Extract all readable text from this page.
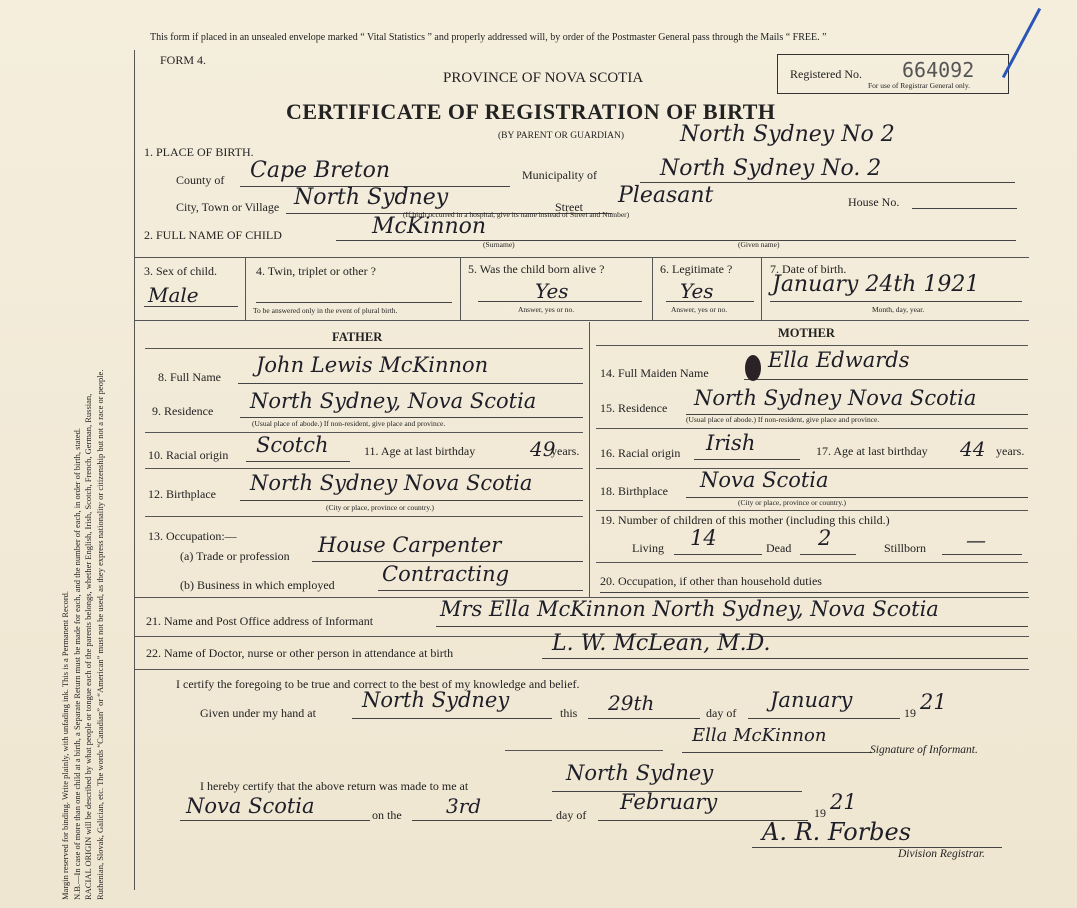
Margin reserved for binding. Write plainly, with unfading ink. This is a Permanent Record. N.B.—In case of more than one child at a birth, a Separate Return must be made for each, and the number of each, in order of birth, stated. RACIAL ORIGIN will be described by what people or tongue each of the parents belongs, whether English, Irish, Scotch, French, German, Russian, Ruthenian, Slovak, Galician, etc. The words “Canadian” or “American” must not be used, as they express nationality or citizenship but not a race or people.
This form if placed in an unsealed envelope marked “ Vital Statistics ” and properly addressed will, by order of the Postmaster General pass through the Mails “ FREE. ”
FORM 4.
PROVINCE OF NOVA SCOTIA
CERTIFICATE OF REGISTRATION OF BIRTH
(BY PARENT OR GUARDIAN)	North Sydney No 2
Registered No. 664092
For use of Registrar General only.
1. PLACE OF BIRTH.
County of Cape Breton	Municipality of	North Sydney No. 2
City, Town or Village North Sydney	Street Pleasant
(If birth occurred in a hospital, give its name instead of Street and Number)
House No.
2. FULL NAME OF CHILD	McKinnon
(Surname)	(Given name)
3. Sex of child.
Male
4. Twin, triplet or other ?
To be answered only in the event of plural birth.
5. Was the child born alive ?
Yes
Answer, yes or no.
6. Legitimate ?
Yes
Answer, yes or no.
7. Date of birth.
January 24th 1921
Month, day, year.
FATHER
8. Full Name John Lewis McKinnon
9. Residence North Sydney, Nova Scotia
(Usual place of abode.) If non-resident, give place and province.
10. Racial origin Scotch	11. Age at last birthday	49
years.
12. Birthplace North Sydney Nova Scotia
(City or place, province or country.)
13. Occupation:—
(a) Trade or profession House Carpenter
(b) Business in which employed Contracting
MOTHER
14. Full Maiden Name
Ella Edwards
15. Residence North Sydney Nova Scotia
(Usual place of abode.) If non-resident, give place and province.
16. Racial origin Irish	17. Age at last birthday 44 years.
18. Birthplace Nova Scotia
(City or place, province or country.)
19. Number of children of this mother (including this child.)
Living 14	Dead 2	Stillborn —
20. Occupation, if other than household duties
21. Name and Post Office address of Informant	Mrs Ella McKinnon North Sydney, Nova Scotia
22. Name of Doctor, nurse or other person in attendance at birth	L. W. McLean, M.D.
I certify the foregoing to be true and correct to the best of my knowledge and belief.
Given under my hand at
North Sydney
this 29th	day of
January
19 21
Ella McKinnon
Signature of Informant.
I hereby certify that the above return was made to me at
North Sydney
Nova Scotia	on the 3rd	day of
February	19 21
A. R. Forbes
Division Registrar.
